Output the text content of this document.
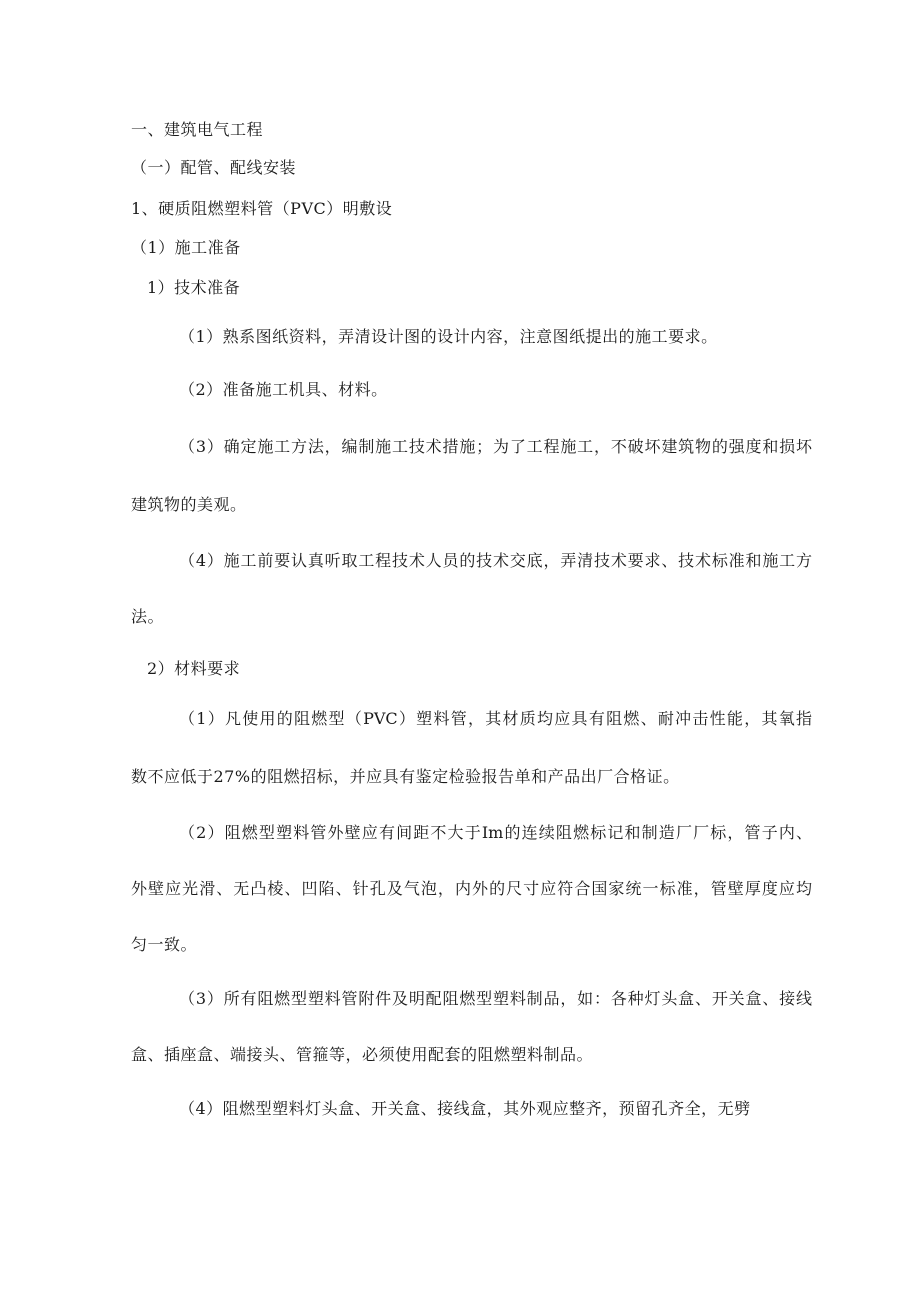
一、建筑电气工程
（一）配管、配线安装
1、硬质阻燃塑料管（PVC）明敷设
（1）施工准备
1）技术准备
（1）熟系图纸资料，弄清设计图的设计内容，注意图纸提出的施工要求。
（2）准备施工机具、材料。
（3）确定施工方法，编制施工技术措施；为了工程施工，不破坏建筑物的强度和损坏
建筑物的美观。
（4）施工前要认真听取工程技术人员的技术交底，弄清技术要求、技术标准和施工方
法。
2）材料要求
（1）凡使用的阻燃型（PVC）塑料管，其材质均应具有阻燃、耐冲击性能，其氧指
数不应低于27%的阻燃招标，并应具有鉴定检验报告单和产品出厂合格证。
（2）阻燃型塑料管外壁应有间距不大于Im的连续阻燃标记和制造厂厂标，管子内、
外壁应光滑、无凸棱、凹陷、针孔及气泡，内外的尺寸应符合国家统一标准，管壁厚度应均
匀一致。
（3）所有阻燃型塑料管附件及明配阻燃型塑料制品，如：各种灯头盒、开关盒、接线
盒、插座盒、端接头、管箍等，必须使用配套的阻燃塑料制品。
（4）阻燃型塑料灯头盒、开关盒、接线盒，其外观应整齐，预留孔齐全，无劈
